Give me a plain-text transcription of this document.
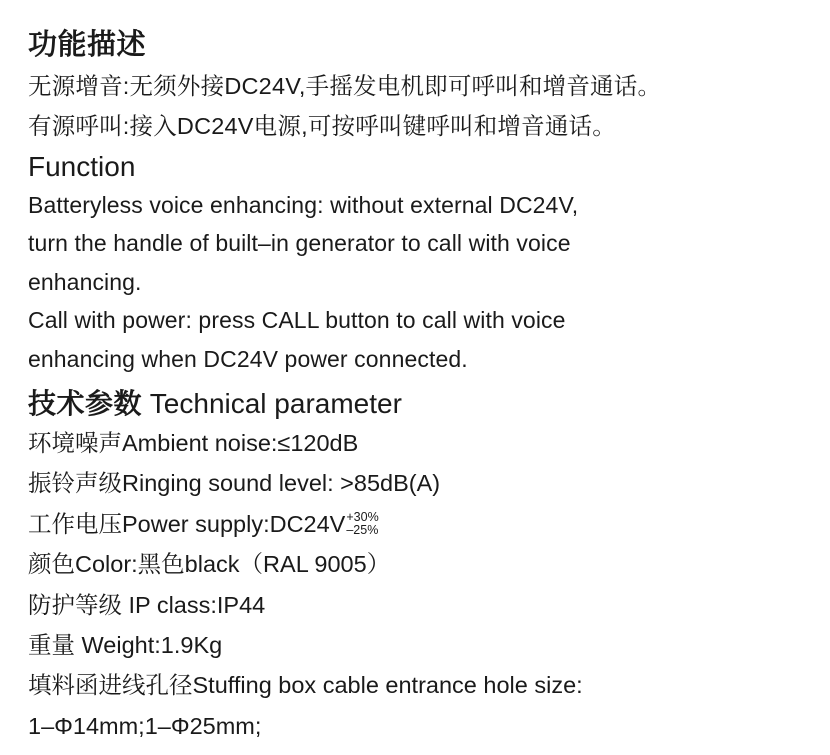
功能描述

无源增音:无须外接DC24V,手摇发电机即可呼叫和增音通话。

有源呼叫:接入DC24V电源,可按呼叫键呼叫和增音通话。

Function

Batteryless voice enhancing: without external DC24V,

turn the handle of built–in generator to call with voice

enhancing.

Call with power: press CALL button to call with voice

enhancing when DC24V power connected.

技术参数 Technical parameter

环境噪声Ambient noise:≤120dB

振铃声级Ringing sound level: >85dB(A)

工作电压Power supply:DC24V +30%
–25%

颜色Color:黑色black（RAL 9005）

防护等级 IP class:IP44

重量 Weight:1.9Kg

填料函进线孔径Stuffing box cable entrance hole size:

1–Φ14mm;1–Φ25mm;
